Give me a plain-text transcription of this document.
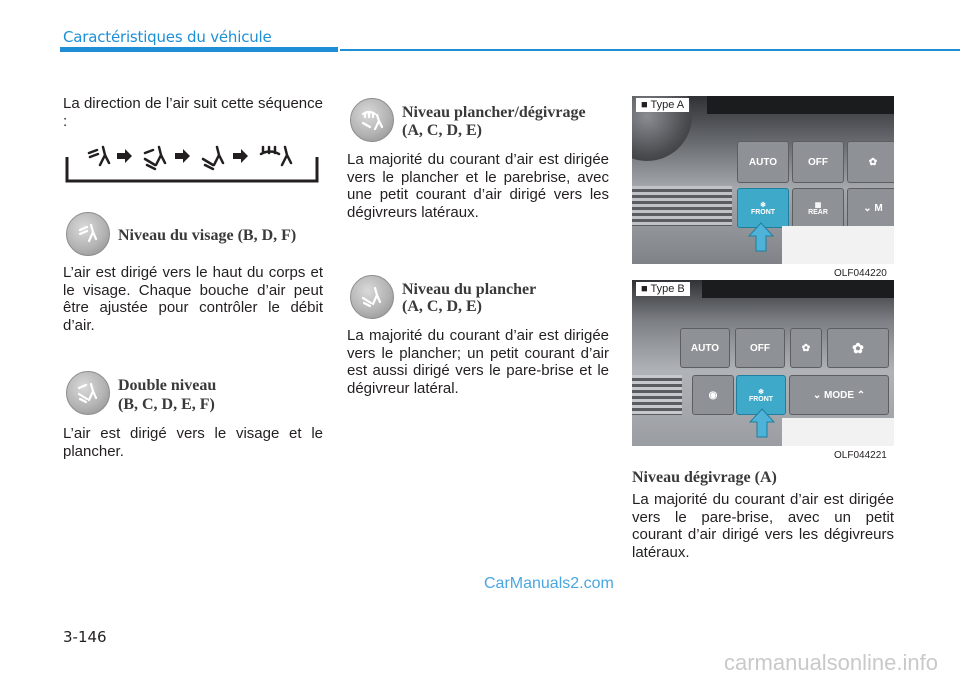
Caractéristiques du véhicule
La direction de l’air suit cette séquence :
Niveau du visage (B, D, F)
L’air est dirigé vers le haut du corps et le visage. Chaque bouche d’air peut être ajustée pour contrôler le débit d’air.
Double niveau
(B, C, D, E, F)
L’air est dirigé vers le visage et le plancher.
Niveau plancher/dégivrage
(A, C, D, E)
La majorité du courant d’air est dirigée vers le plancher et le parebrise, avec une petit courant d’air dirigé vers les dégivreurs latéraux.
Niveau du plancher
(A, C, D, E)
La majorité du courant d’air est dirigée vers le plancher; un petit courant d’air est aussi dirigé vers le pare-brise et le dégivreur latéral.
AUTO	OFF	✿
❄
FRONT
▦
REAR	⌄ M
■ Type A
OLF044220
AUTO	OFF	✿	✿
◉	❄
FRONT	⌄ MODE ⌃
■ Type B
OLF044221
Niveau dégivrage (A)
La majorité du courant d’air est dirigée vers le pare-brise, avec un petit courant d’air dirigé vers les dégivreurs latéraux.
CarManuals2.com
3-146
carmanualsonline.info
